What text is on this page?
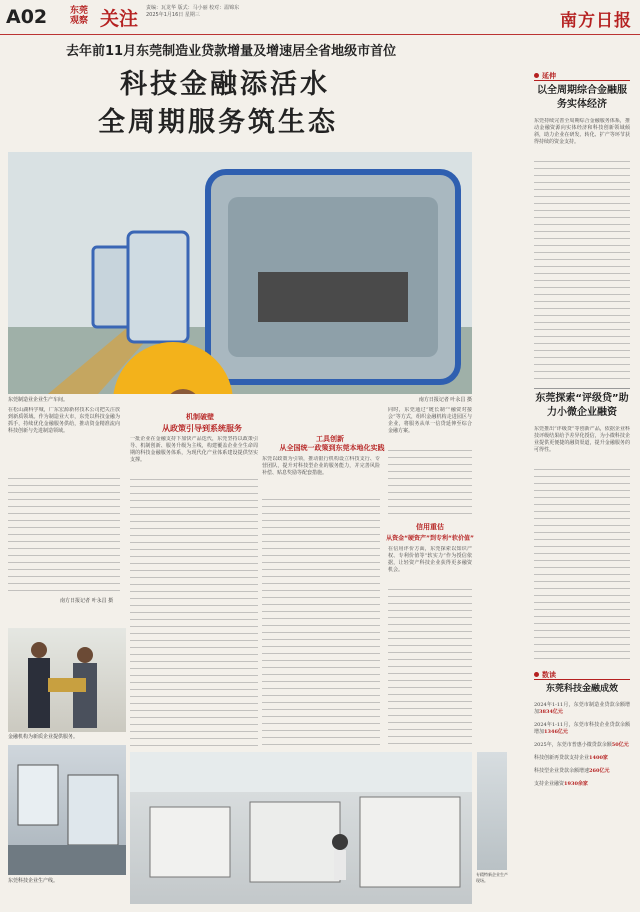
A02	东莞观察 关注 责编：瓦龙华 版式：马小丽 校对：温锦东
2025年1月16日 星期三	南方日报
去年前11月东莞制造业贷款增量及增速居全省地级市首位
科技金融添活水
全周期服务筑生态
东莞制造业企业生产车间。	南方日报记者 叶永昌 摄
在松山湖科学城，广东宏源新材技术公司把关注放到新质领域。作为制造业大市，东莞以科技金融为抓手，持续优化金融服务供给，推动资金精准流向科技创新与先进制造领域。
南方日报记者 叶永昌 摄
金融机构为新质企业提供服务。
东莞科技企业生产线。
机制破壁
从政策引导到系统服务
一批企业在金融支持下加快产品迭代，东莞坚持以政策引导、机制创新、服务升级为主线，构建覆盖企业全生命周期的科技金融服务体系，为现代化产业体系建设提供坚实支撑。
工具创新
从全国统一政策到东莞本地化实践
东莞以政策为引领，推动银行机构设立科技支行、专营团队，提升对科技型企业的服务能力，并完善风险补偿、贴息奖励等配套措施。
同时，东莞通过“链长制”“融资对接会”等方式，组织金融机构走进园区与企业，将服务从单一信贷延伸至综合金融方案。
信用重估
从资金“硬资产”到专利“软价值”
在信用评价方面，东莞探索以知识产权、专利价值等“软实力”作为授信依据，让轻资产科技企业获得更多融资机会。
专精特新企业生产现场。
延伸
以全周期综合金融服务实体经济
东莞持续完善全周期综合金融服务体系，推动金融资源向实体经济和科技创新领域倾斜，助力企业在研发、转化、扩产等环节获得持续的资金支持。
东莞探索“评级贷”助力小微企业融资
东莞推出“评级贷”等创新产品，依据企业科技评级结果给予差异化授信，为小微科技企业提供更便捷的融资渠道，提升金融服务的可得性。
数读
东莞科技金融成效
2024年1-11月，东莞市制造业贷款余额增加3834亿元
2024年1-11月，东莞市科技企业贷款余额增加1346亿元
2025年，东莞市普惠小微贷款余额50亿元
科技创新再贷款支持企业1400家
科技型企业贷款余额增速260亿元
支持企业融资1930余家
